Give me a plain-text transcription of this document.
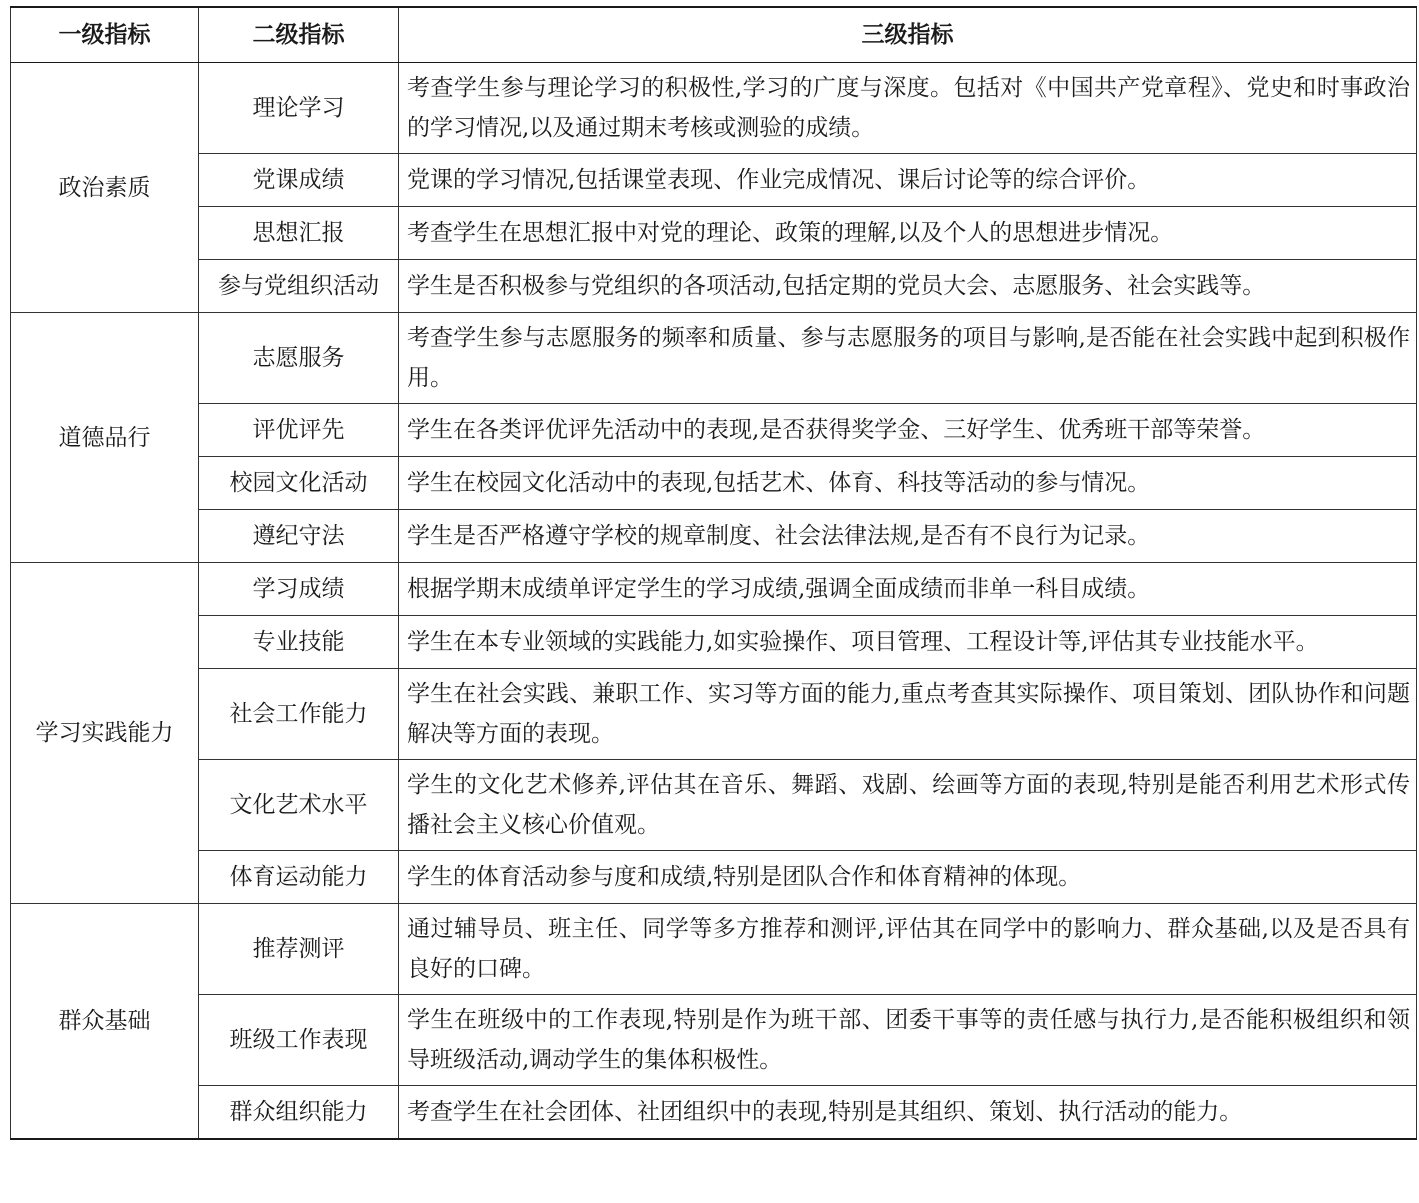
一级指标	二级指标	三级指标
政治素质	理论学习	考查学生参与理论学习的积极性,学习的广度与深度。包括对《中国共产党章程》、党史和时事政治的学习情况,以及通过期末考核或测验的成绩。
	党课成绩	党课的学习情况,包括课堂表现、作业完成情况、课后讨论等的综合评价。
	思想汇报	考查学生在思想汇报中对党的理论、政策的理解,以及个人的思想进步情况。
	参与党组织活动	学生是否积极参与党组织的各项活动,包括定期的党员大会、志愿服务、社会实践等。
道德品行	志愿服务	考查学生参与志愿服务的频率和质量、参与志愿服务的项目与影响,是否能在社会实践中起到积极作用。
	评优评先	学生在各类评优评先活动中的表现,是否获得奖学金、三好学生、优秀班干部等荣誉。
	校园文化活动	学生在校园文化活动中的表现,包括艺术、体育、科技等活动的参与情况。
	遵纪守法	学生是否严格遵守学校的规章制度、社会法律法规,是否有不良行为记录。
学习实践能力	学习成绩	根据学期末成绩单评定学生的学习成绩,强调全面成绩而非单一科目成绩。
	专业技能	学生在本专业领域的实践能力,如实验操作、项目管理、工程设计等,评估其专业技能水平。
	社会工作能力	学生在社会实践、兼职工作、实习等方面的能力,重点考查其实际操作、项目策划、团队协作和问题解决等方面的表现。
	文化艺术水平	学生的文化艺术修养,评估其在音乐、舞蹈、戏剧、绘画等方面的表现,特别是能否利用艺术形式传播社会主义核心价值观。
	体育运动能力	学生的体育活动参与度和成绩,特别是团队合作和体育精神的体现。
群众基础	推荐测评	通过辅导员、班主任、同学等多方推荐和测评,评估其在同学中的影响力、群众基础,以及是否具有良好的口碑。
	班级工作表现	学生在班级中的工作表现,特别是作为班干部、团委干事等的责任感与执行力,是否能积极组织和领导班级活动,调动学生的集体积极性。
	群众组织能力	考查学生在社会团体、社团组织中的表现,特别是其组织、策划、执行活动的能力。
